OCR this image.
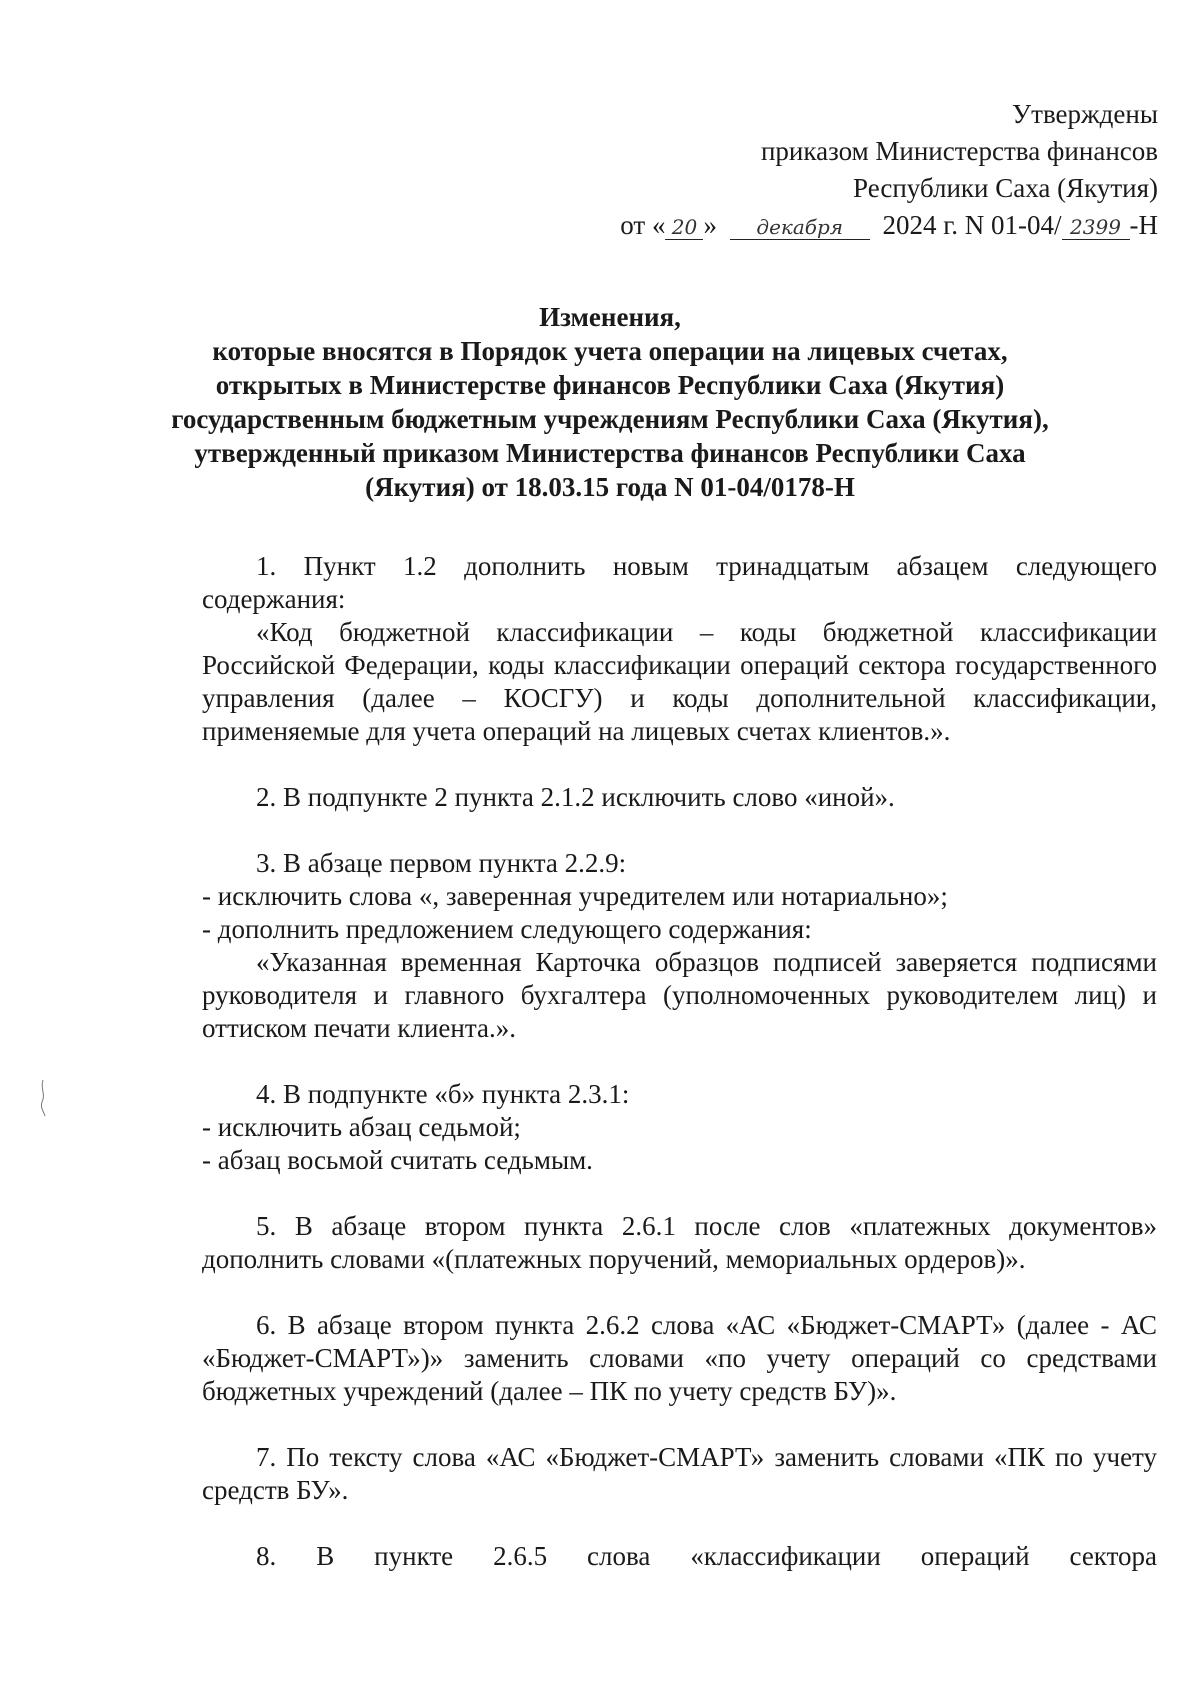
Утверждены
приказом Министерства финансов
Республики Саха (Якутия)
от « 20 » декабря 2024 г. N 01-04/ 2399 -Н
Изменения,
которые вносятся в Порядок учета операции на лицевых счетах,
открытых в Министерстве финансов Республики Саха (Якутия)
государственным бюджетным учреждениям Республики Саха (Якутия),
утвержденный приказом Министерства финансов Республики Саха
(Якутия) от 18.03.15 года N 01-04/0178-Н

1. Пункт 1.2 дополнить новым тринадцатым абзацем следующего содержания:

«Код бюджетной классификации – коды бюджетной классификации Российской Федерации, коды классификации операций сектора государственного управления (далее – КОСГУ) и коды дополнительной классификации, применяемые для учета операций на лицевых счетах клиентов.».

2. В подпункте 2 пункта 2.1.2 исключить слово «иной».

3. В абзаце первом пункта 2.2.9:

- исключить слова «, заверенная учредителем или нотариально»;

- дополнить предложением следующего содержания:

«Указанная временная Карточка образцов подписей заверяется подписями руководителя и главного бухгалтера (уполномоченных руководителем лиц) и оттиском печати клиента.».

4. В подпункте «б» пункта 2.3.1:

- исключить абзац седьмой;

- абзац восьмой считать седьмым.

5. В абзаце втором пункта 2.6.1 после слов «платежных документов» дополнить словами «(платежных поручений, мемориальных ордеров)».

6. В абзаце втором пункта 2.6.2 слова «АС «Бюджет-СМАРТ» (далее - АС «Бюджет-СМАРТ»)» заменить словами «по учету операций со средствами бюджетных учреждений (далее – ПК по учету средств БУ)».

7. По тексту слова «АС «Бюджет-СМАРТ» заменить словами «ПК по учету средств БУ».

8. В пункте 2.6.5 слова «классификации операций сектора
